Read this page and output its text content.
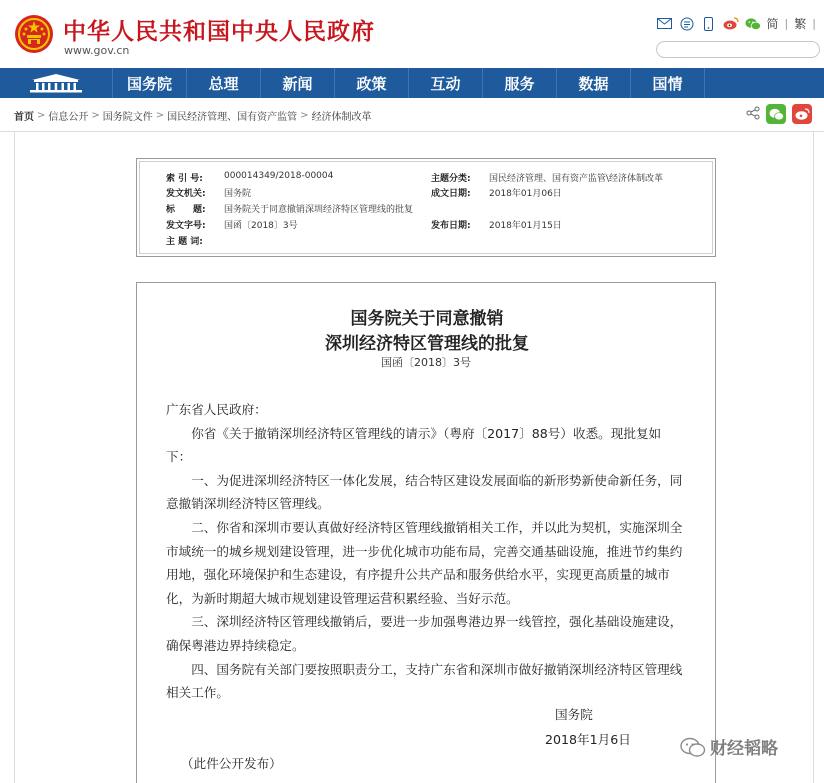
中华人民共和国中央人民政府
www.gov.cn
简 | 繁 |
国务院	总理	新闻	政策	互动	服务	数据	国情
首页 > 信息公开 > 国务院文件 > 国民经济管理、国有资产监管 > 经济体制改革
索 引 号: 000014349/2018-00004	主题分类: 国民经济管理、国有资产监管\经济体制改革
发文机关: 国务院	成文日期: 2018年01月06日
标　　题: 国务院关于同意撤销深圳经济特区管理线的批复
发文字号: 国函〔2018〕3号	发布日期: 2018年01月15日
主 题 词:
国务院关于同意撤销
深圳经济特区管理线的批复
国函〔2018〕3号

广东省人民政府：

你省《关于撤销深圳经济特区管理线的请示》（粤府〔2017〕88号）收悉。现批复如下：

一、为促进深圳经济特区一体化发展，结合特区建设发展面临的新形势新使命新任务，同意撤销深圳经济特区管理线。

二、你省和深圳市要认真做好经济特区管理线撤销相关工作，并以此为契机，实施深圳全市域统一的城乡规划建设管理，进一步优化城市功能布局，完善交通基础设施，推进节约集约用地，强化环境保护和生态建设，有序提升公共产品和服务供给水平，实现更高质量的城市化，为新时期超大城市规划建设管理运营积累经验、当好示范。

三、深圳经济特区管理线撤销后，要进一步加强粤港边界一线管控，强化基础设施建设，确保粤港边界持续稳定。

四、国务院有关部门要按照职责分工，支持广东省和深圳市做好撤销深圳经济特区管理线相关工作。

国务院
2018年1月6日
（此件公开发布）
财经韬略
